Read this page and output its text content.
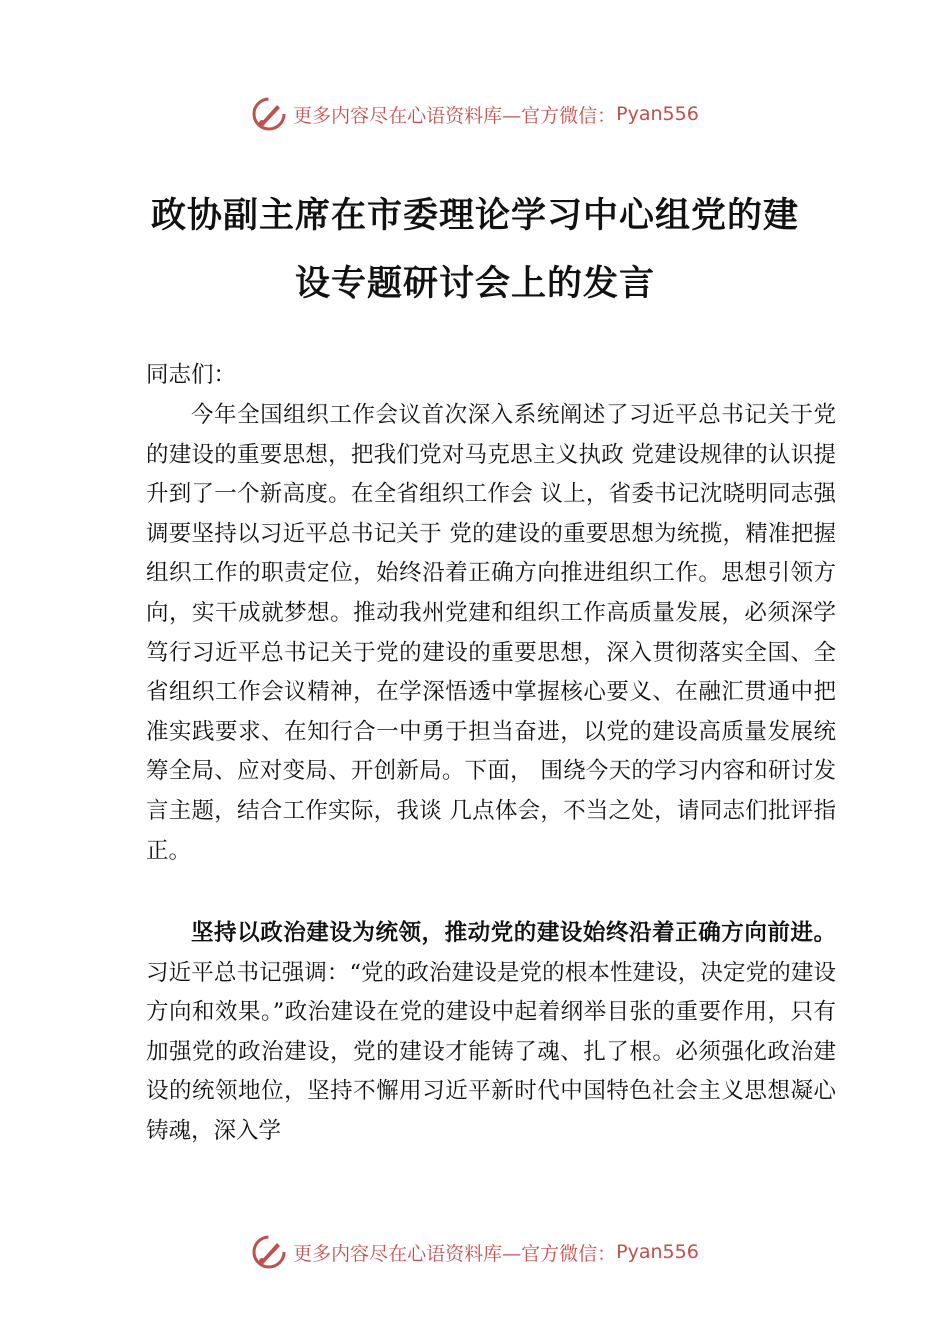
更多内容尽在心语资料库—官方微信： Pyan556
政协副主席在市委理论学习中心组党的建
设专题研讨会上的发言
同志们：
今年全国组织工作会议首次深入系统阐述了习近平总书记关于党的建设的重要思想，把我们党对马克思主义执政 党建设规律的认识提升到了一个新高度。在全省组织工作会 议上，省委书记沈晓明同志强调要坚持以习近平总书记关于 党的建设的重要思想为统揽，精准把握组织工作的职责定位，始终沿着正确方向推进组织工作。思想引领方向，实干成就梦想。推动我州党建和组织工作高质量发展，必须深学笃行习近平总书记关于党的建设的重要思想，深入贯彻落实全国、全省组织工作会议精神，在学深悟透中掌握核心要义、在融汇贯通中把准实践要求、在知行合一中勇于担当奋进，以党的建设高质量发展统筹全局、应对变局、开创新局。下面， 围绕今天的学习内容和研讨发言主题，结合工作实际，我谈 几点体会，不当之处，请同志们批评指正。
坚持以政治建设为统领，推动党的建设始终沿着正确方向前进。习近平总书记强调：“党的政治建设是党的根本性建设，决定党的建设方向和效果。”政治建设在党的建设中起着纲举目张的重要作用，只有加强党的政治建设，党的建设才能铸了魂、扎了根。必须强化政治建设的统领地位，坚持不懈用习近平新时代中国特色社会主义思想凝心铸魂，深入学
更多内容尽在心语资料库—官方微信： Pyan556
